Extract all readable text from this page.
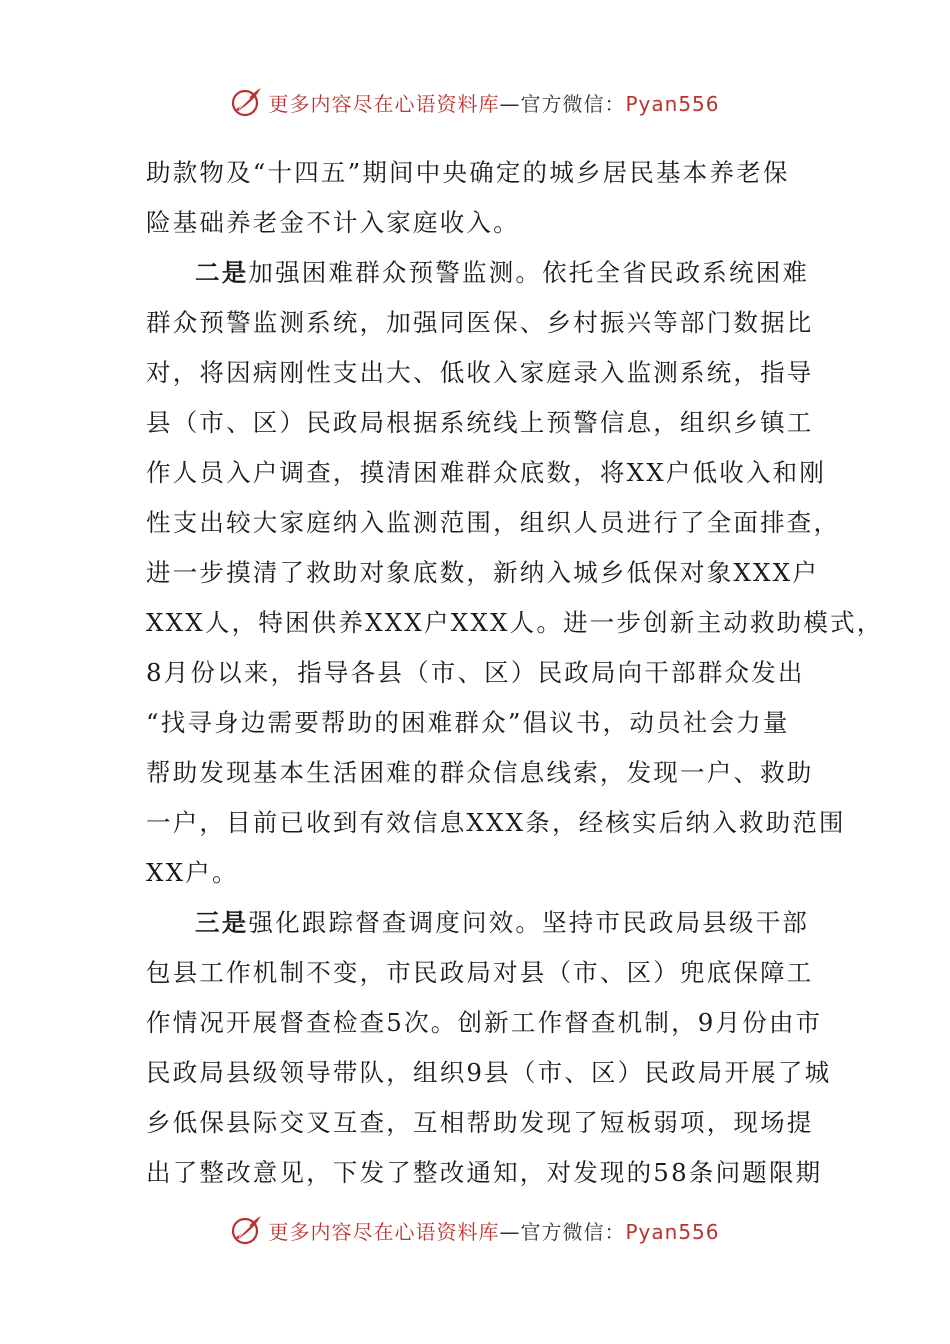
更多内容尽在心语资料库—官方微信：Pyan556
助款物及“十四五”期间中央确定的城乡居民基本养老保
险基础养老金不计入家庭收入。
二是加强困难群众预警监测。依托全省民政系统困难
群众预警监测系统，加强同医保、乡村振兴等部门数据比
对，将因病刚性支出大、低收入家庭录入监测系统，指导
县（市、区）民政局根据系统线上预警信息，组织乡镇工
作人员入户调查，摸清困难群众底数，将XX户低收入和刚
性支出较大家庭纳入监测范围，组织人员进行了全面排查，
进一步摸清了救助对象底数，新纳入城乡低保对象XXX户
XXX人，特困供养XXX户XXX人。进一步创新主动救助模式，
8月份以来，指导各县（市、区）民政局向干部群众发出
“找寻身边需要帮助的困难群众”倡议书，动员社会力量
帮助发现基本生活困难的群众信息线索，发现一户、救助
一户，目前已收到有效信息XXX条，经核实后纳入救助范围
XX户。
三是强化跟踪督查调度问效。坚持市民政局县级干部
包县工作机制不变，市民政局对县（市、区）兜底保障工
作情况开展督查检查5次。创新工作督查机制，9月份由市
民政局县级领导带队，组织9县（市、区）民政局开展了城
乡低保县际交叉互查，互相帮助发现了短板弱项，现场提
出了整改意见，下发了整改通知，对发现的58条问题限期
更多内容尽在心语资料库—官方微信：Pyan556
